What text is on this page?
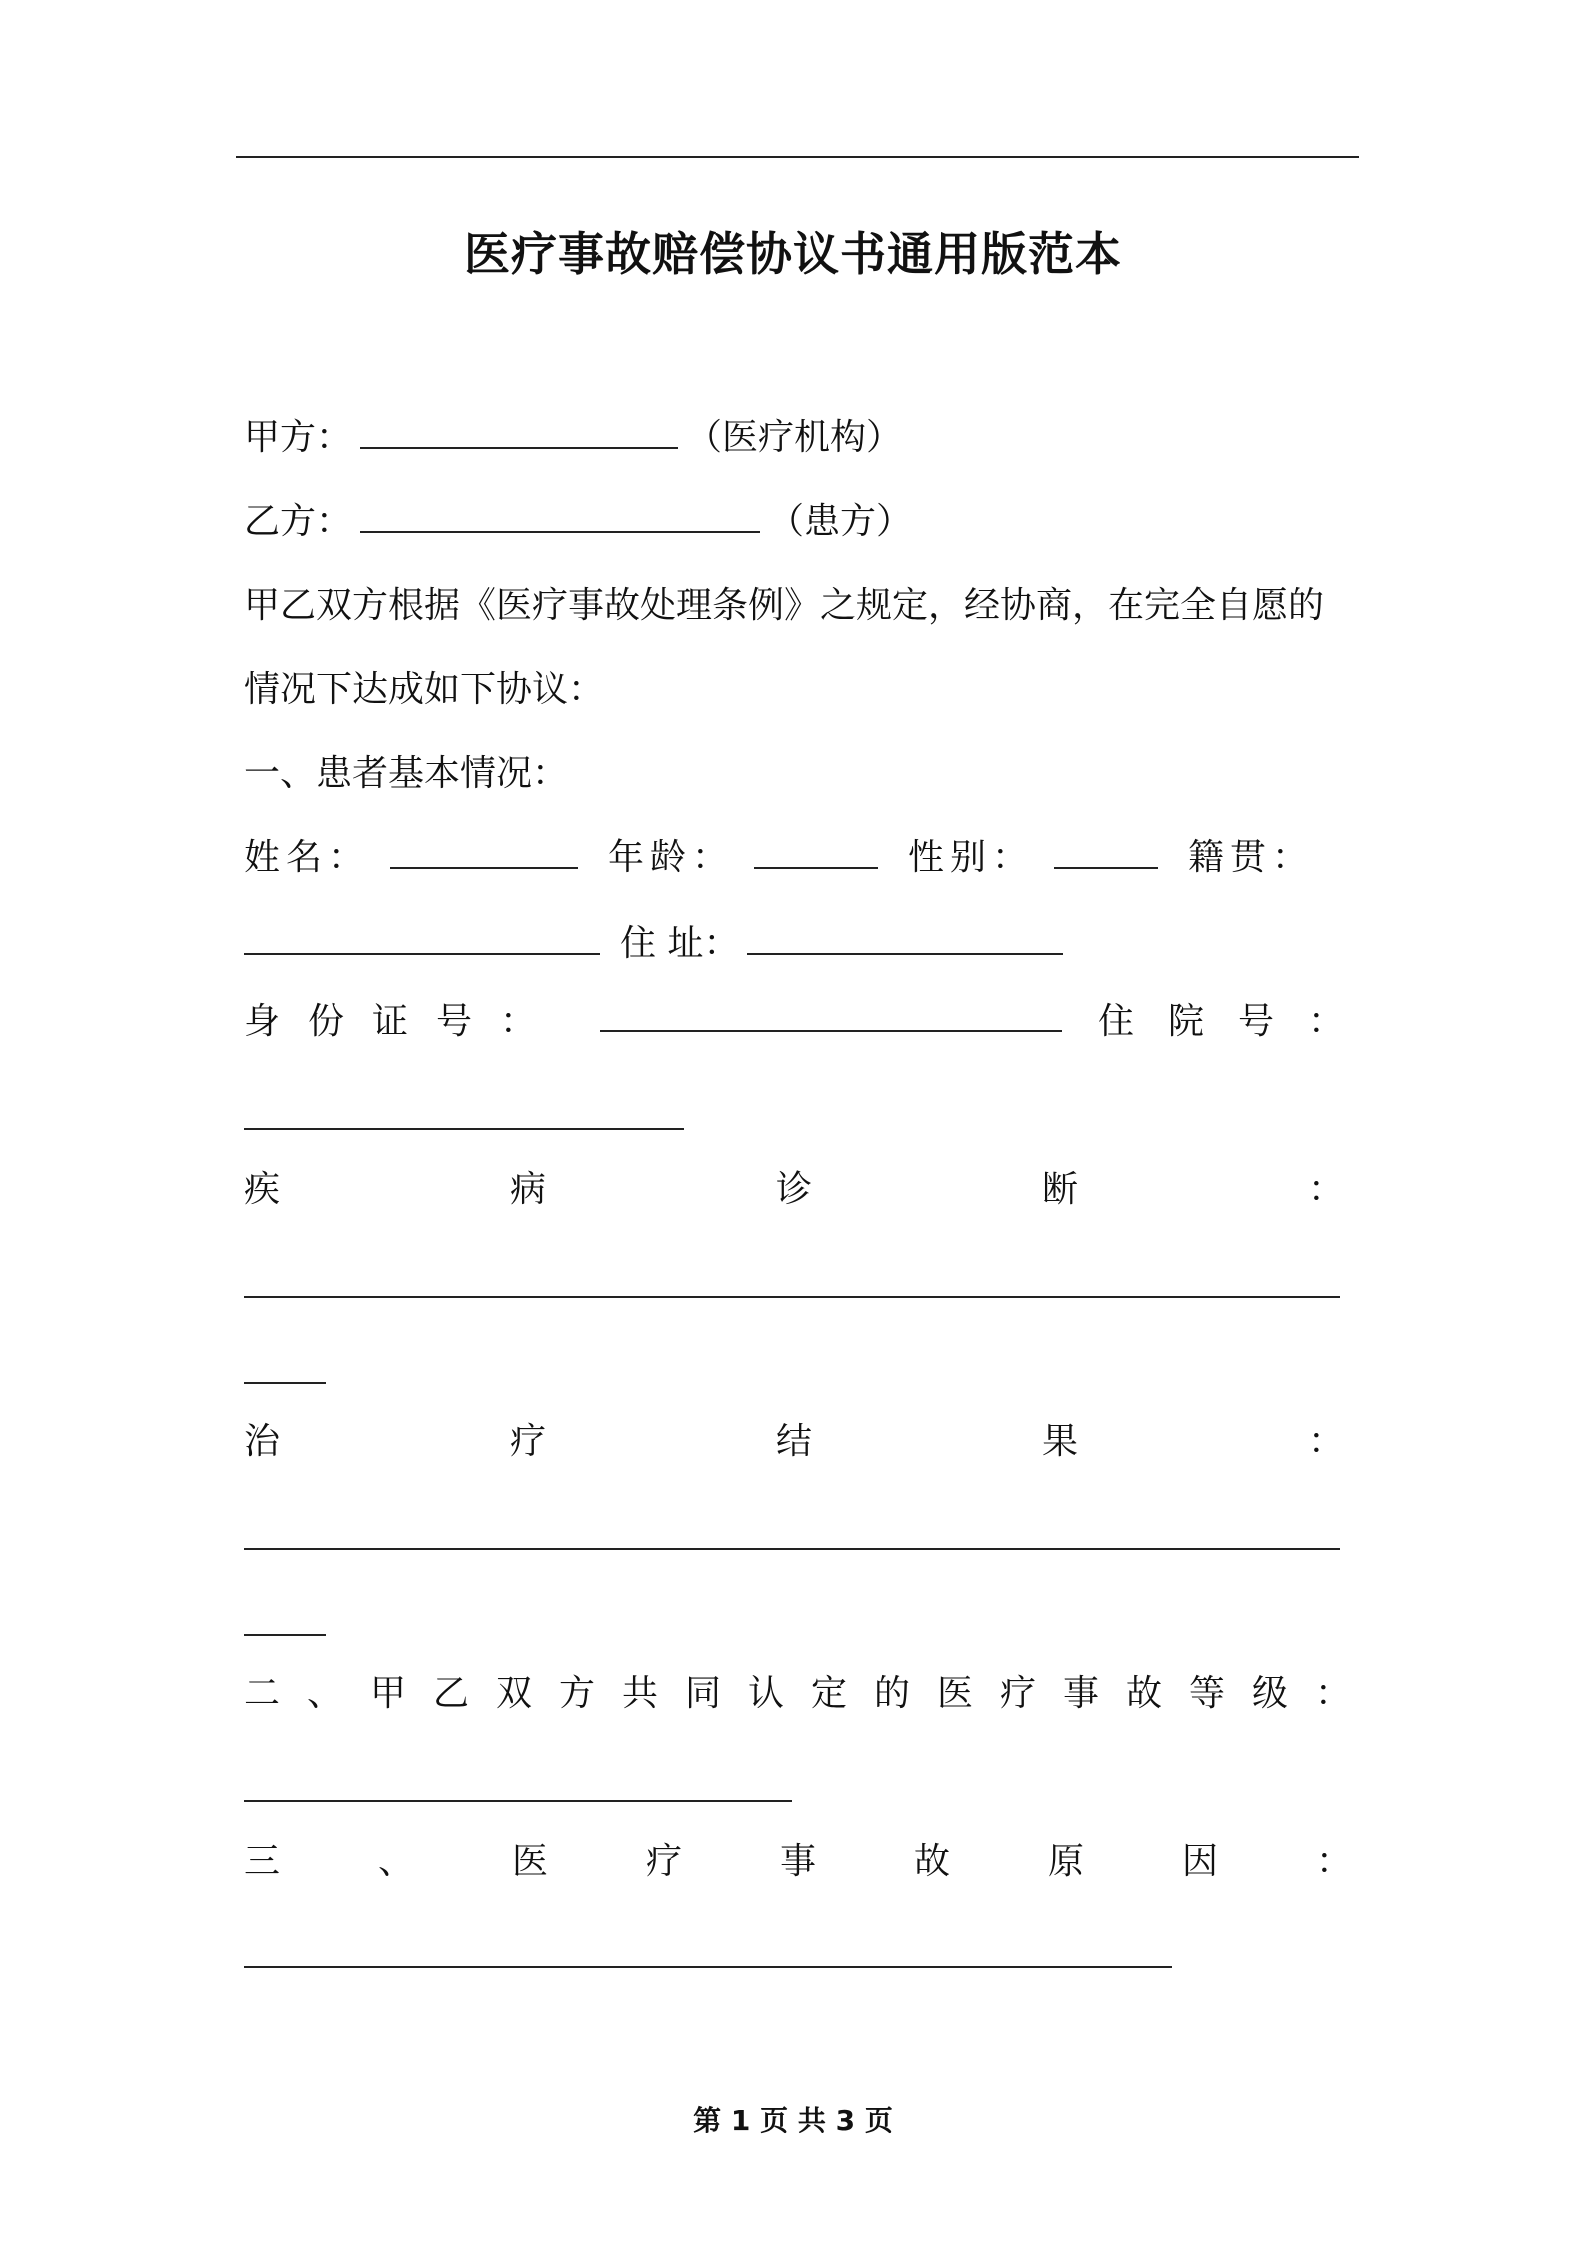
医疗事故赔偿协议书通用版范本
甲方：	（医疗机构）
乙方：	（患方）
甲乙双方根据《医疗事故处理条例》之规定，经协商，在完全自愿的
情况下达成如下协议：
一、患者基本情况：
姓名：	年龄：	性别：	籍贯：
住 址：
身份证号：	住院号：
疾病诊断：
治疗结果：
二、甲乙双方共同认定的医疗事故等级：
三、医疗事故原因：
第 1 页 共 3 页
